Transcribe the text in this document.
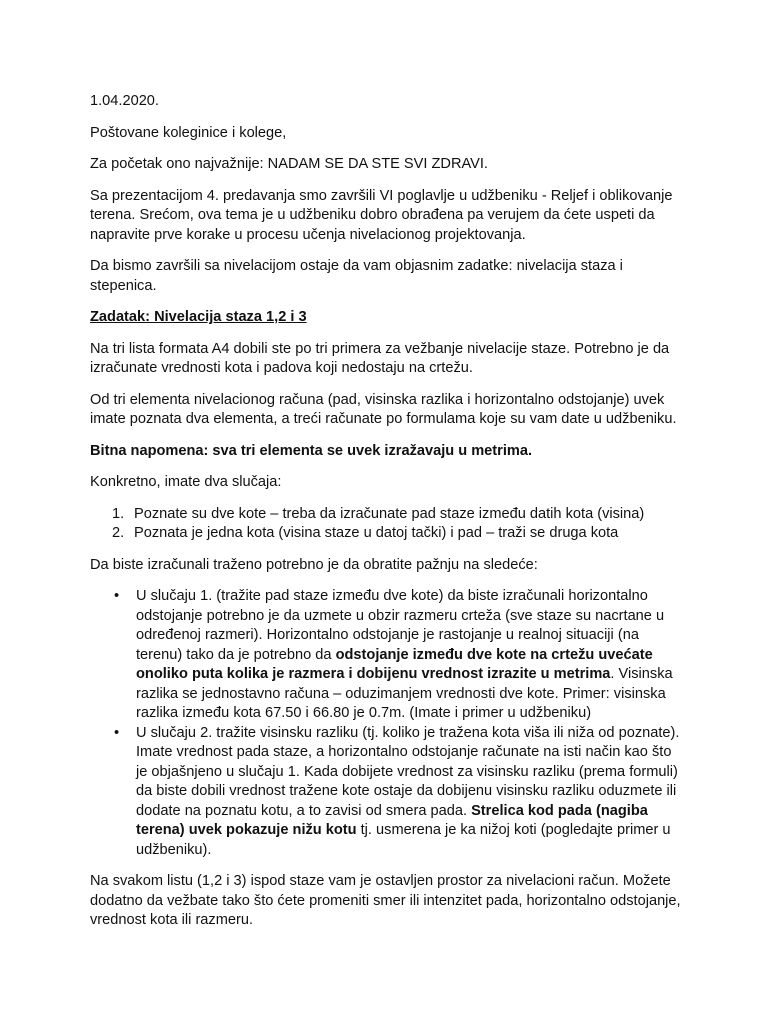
1.04.2020.

Poštovane koleginice i kolege,

Za početak ono najvažnije: NADAM SE DA STE SVI ZDRAVI.

Sa prezentacijom 4. predavanja smo završili VI poglavlje u udžbeniku - Reljef i oblikovanje terena. Srećom, ova tema je u udžbeniku dobro obrađena pa verujem da ćete uspeti da napravite prve korake u procesu učenja nivelacionog projektovanja.

Da bismo završili sa nivelacijom ostaje da vam objasnim zadatke: nivelacija staza i stepenica.

Zadatak: Nivelacija staza 1,2 i 3

Na tri lista formata A4 dobili ste po tri primera za vežbanje nivelacije staze. Potrebno je da izračunate vrednosti kota i padova koji nedostaju na crtežu.

Od tri elementa nivelacionog računa (pad, visinska razlika i horizontalno odstojanje) uvek imate poznata dva elementa, a treći računate po formulama koje su vam date u udžbeniku.

Bitna napomena: sva tri elementa se uvek izražavaju u metrima.

Konkretno, imate dva slučaja:

1. Poznate su dve kote – treba da izračunate pad staze između datih kota (visina)
2. Poznata je jedna kota (visina staze u datoj tački) i pad – traži se druga kota

Da biste izračunali traženo potrebno je da obratite pažnju na sledeće:

• U slučaju 1. (tražite pad staze između dve kote) da biste izračunali horizontalno odstojanje potrebno je da uzmete u obzir razmeru crteža (sve staze su nacrtane u određenoj razmeri). Horizontalno odstojanje je rastojanje u realnoj situaciji (na terenu) tako da je potrebno da odstojanje između dve kote na crtežu uvećate onoliko puta kolika je razmera i dobijenu vrednost izrazite u metrima. Visinska razlika se jednostavno računa – oduzimanjem vrednosti dve kote. Primer: visinska razlika između kota 67.50 i 66.80 je 0.7m. (Imate i primer u udžbeniku)
• U slučaju 2. tražite visinsku razliku (tj. koliko je tražena kota viša ili niža od poznate). Imate vrednost pada staze, a horizontalno odstojanje računate na isti način kao što je objašnjeno u slučaju 1. Kada dobijete vrednost za visinsku razliku (prema formuli) da biste dobili vrednost tražene kote ostaje da dobijenu visinsku razliku oduzmete ili dodate na poznatu kotu, a to zavisi od smera pada. Strelica kod pada (nagiba terena) uvek pokazuje nižu kotu tj. usmerena je ka nižoj koti (pogledajte primer u udžbeniku).

Na svakom listu (1,2 i 3) ispod staze vam je ostavljen prostor za nivelacioni račun. Možete dodatno da vežbate tako što ćete promeniti smer ili intenzitet pada, horizontalno odstojanje, vrednost kota ili razmeru.
